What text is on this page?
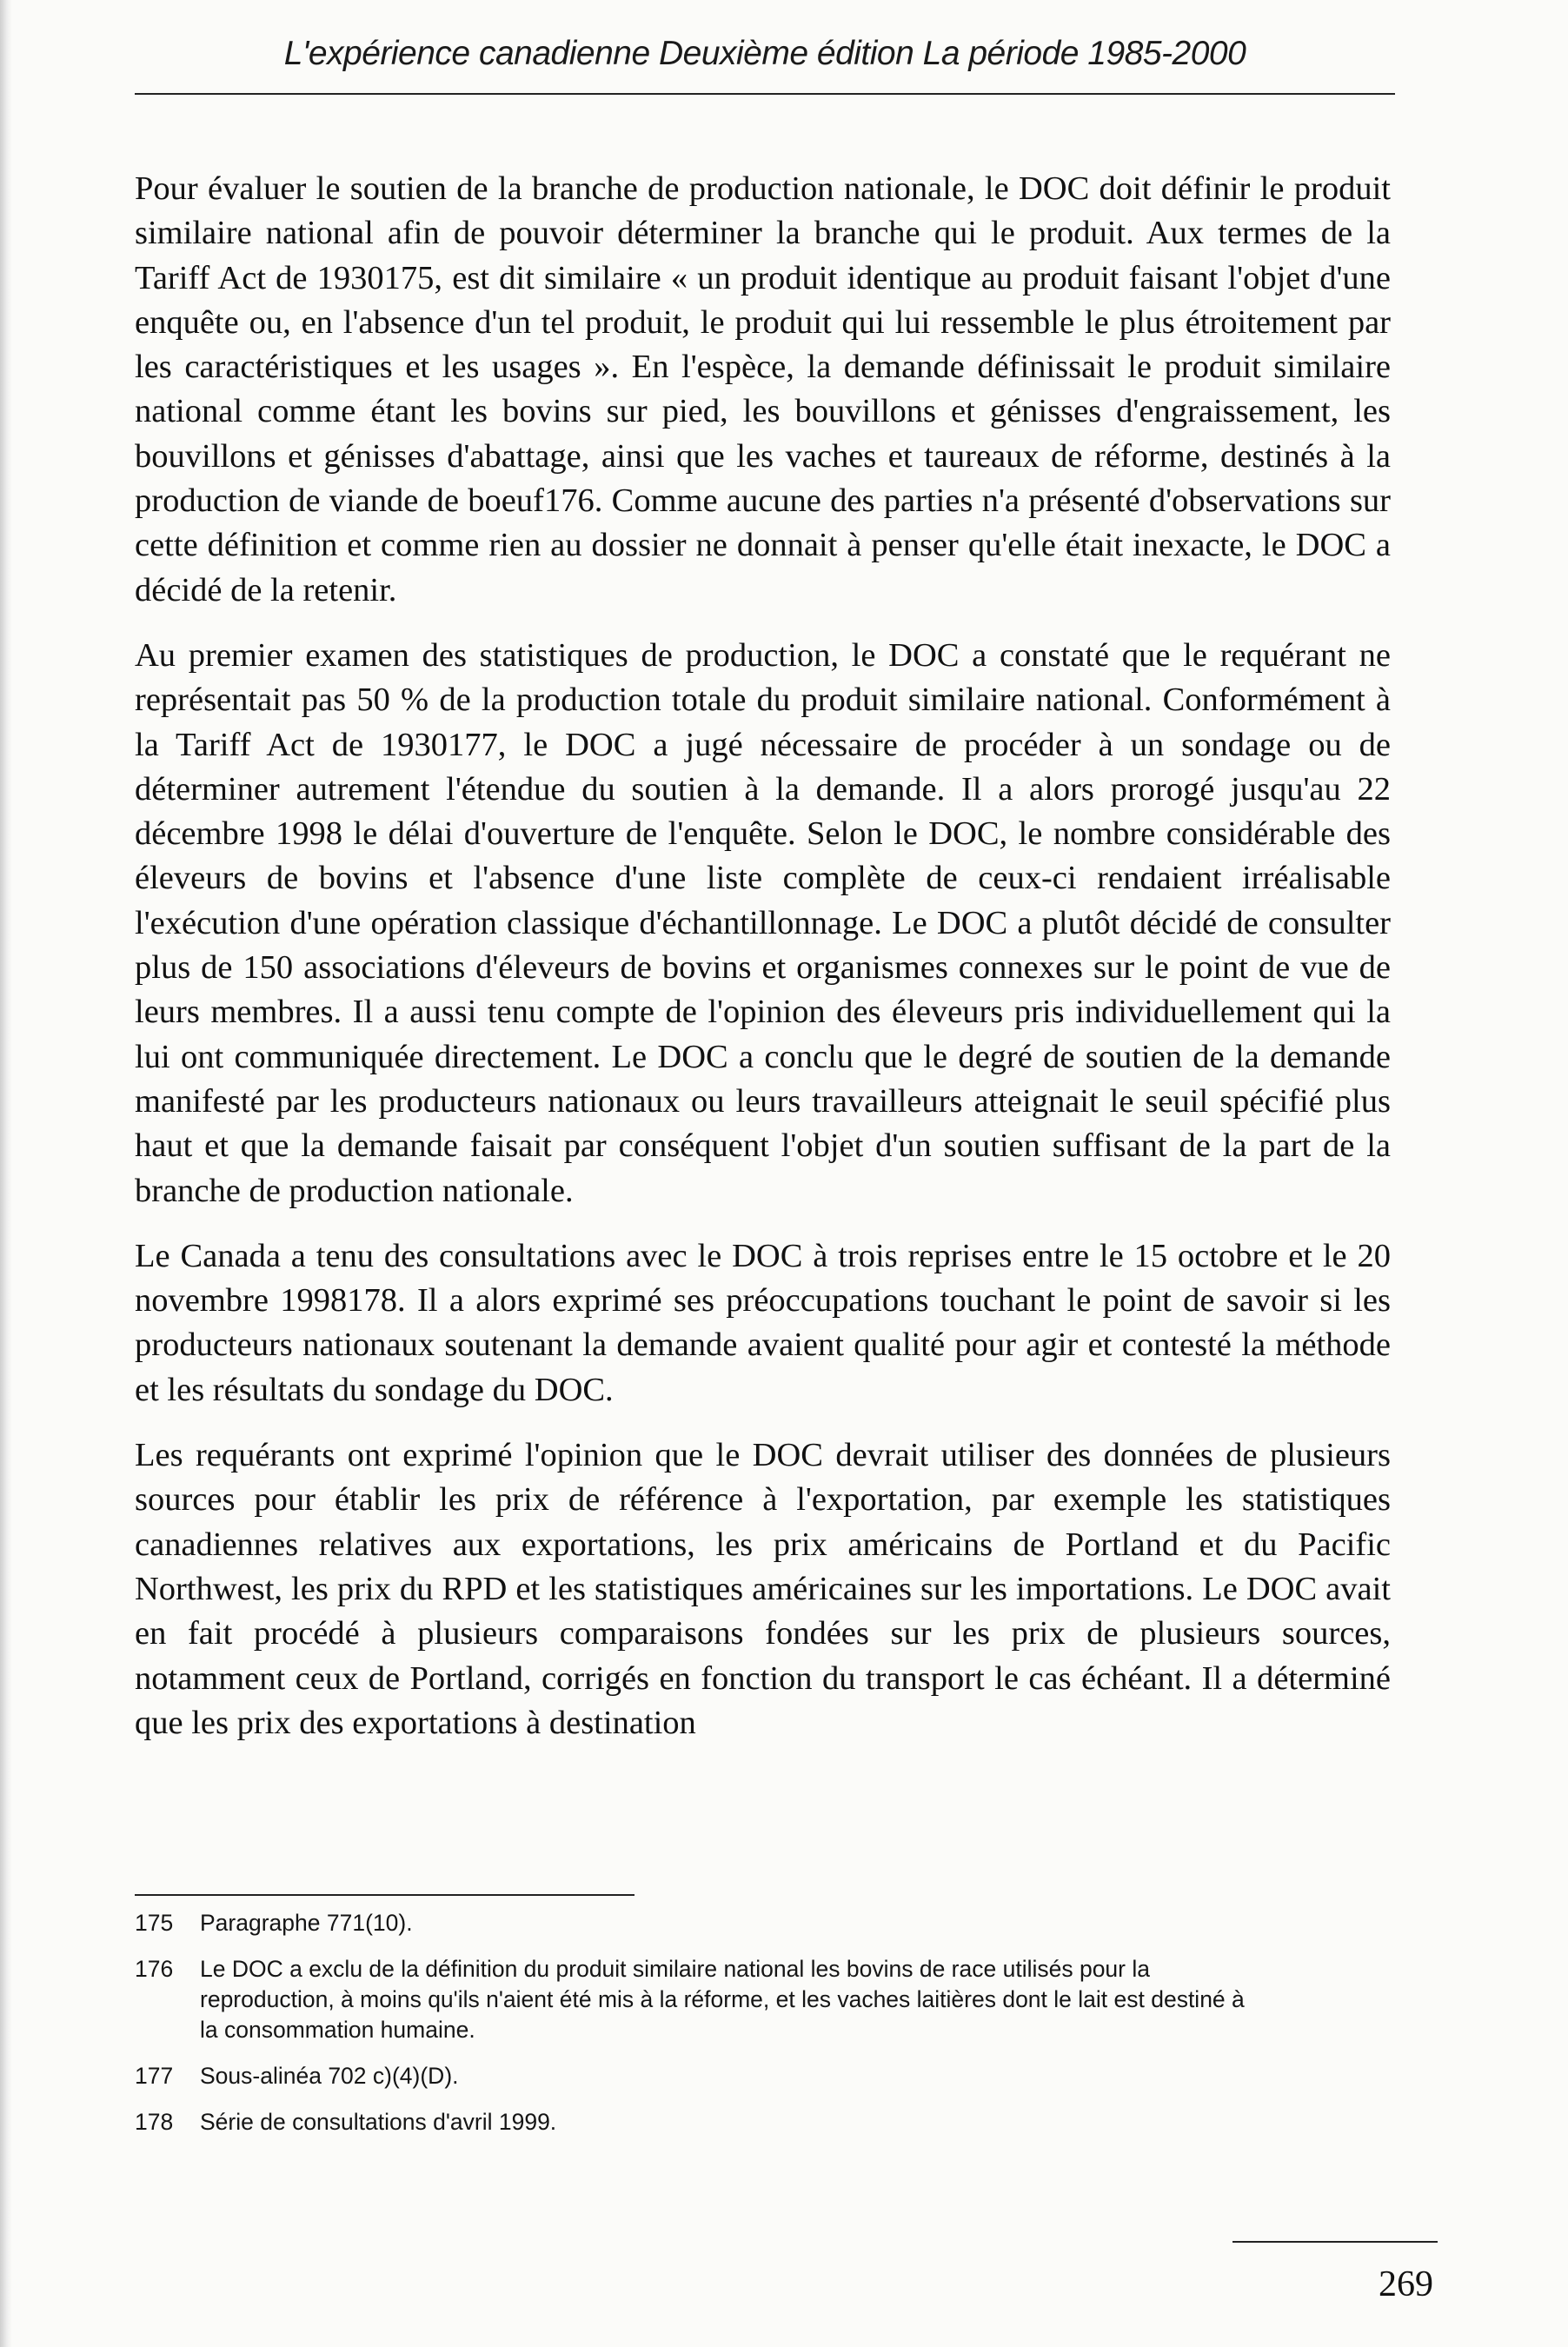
L'expérience canadienne Deuxième édition La période 1985-2000

Pour évaluer le soutien de la branche de production nationale, le DOC doit définir le produit similaire national afin de pouvoir déterminer la branche qui le produit. Aux termes de la Tariff Act de 1930175, est dit similaire « un produit identique au produit faisant l'objet d'une enquête ou, en l'absence d'un tel produit, le produit qui lui ressemble le plus étroitement par les caractéristiques et les usages ». En l'espèce, la demande définissait le produit similaire national comme étant les bovins sur pied, les bouvillons et génisses d'engraissement, les bouvillons et génisses d'abattage, ainsi que les vaches et taureaux de réforme, destinés à la production de viande de boeuf176. Comme aucune des parties n'a présenté d'observations sur cette définition et comme rien au dossier ne donnait à penser qu'elle était inexacte, le DOC a décidé de la retenir.

Au premier examen des statistiques de production, le DOC a constaté que le requérant ne représentait pas 50 % de la production totale du produit similaire national. Conformément à la Tariff Act de 1930177, le DOC a jugé nécessaire de procéder à un sondage ou de déterminer autrement l'étendue du soutien à la demande. Il a alors prorogé jusqu'au 22 décembre 1998 le délai d'ouverture de l'enquête. Selon le DOC, le nombre considérable des éleveurs de bovins et l'absence d'une liste complète de ceux-ci rendaient irréalisable l'exécution d'une opération classique d'échantillonnage. Le DOC a plutôt décidé de consulter plus de 150 associations d'éleveurs de bovins et organismes connexes sur le point de vue de leurs membres. Il a aussi tenu compte de l'opinion des éleveurs pris individuellement qui la lui ont communiquée directement. Le DOC a conclu que le degré de soutien de la demande manifesté par les producteurs nationaux ou leurs travailleurs atteignait le seuil spécifié plus haut et que la demande faisait par conséquent l'objet d'un soutien suffisant de la part de la branche de production nationale.

Le Canada a tenu des consultations avec le DOC à trois reprises entre le 15 octobre et le 20 novembre 1998178. Il a alors exprimé ses préoccupations touchant le point de savoir si les producteurs nationaux soutenant la demande avaient qualité pour agir et contesté la méthode et les résultats du sondage du DOC.

Les requérants ont exprimé l'opinion que le DOC devrait utiliser des données de plusieurs sources pour établir les prix de référence à l'exportation, par exemple les statistiques canadiennes relatives aux exportations, les prix américains de Portland et du Pacific Northwest, les prix du RPD et les statistiques américaines sur les importations. Le DOC avait en fait procédé à plusieurs comparaisons fondées sur les prix de plusieurs sources, notamment ceux de Portland, corrigés en fonction du transport le cas échéant. Il a déterminé que les prix des exportations à destination

175	Paragraphe 771(10).
176	Le DOC a exclu de la définition du produit similaire national les bovins de race utilisés pour la reproduction, à moins qu'ils n'aient été mis à la réforme, et les vaches laitières dont le lait est destiné à la consommation humaine.
177	Sous-alinéa 702 c)(4)(D).
178	Série de consultations d'avril 1999.
269
